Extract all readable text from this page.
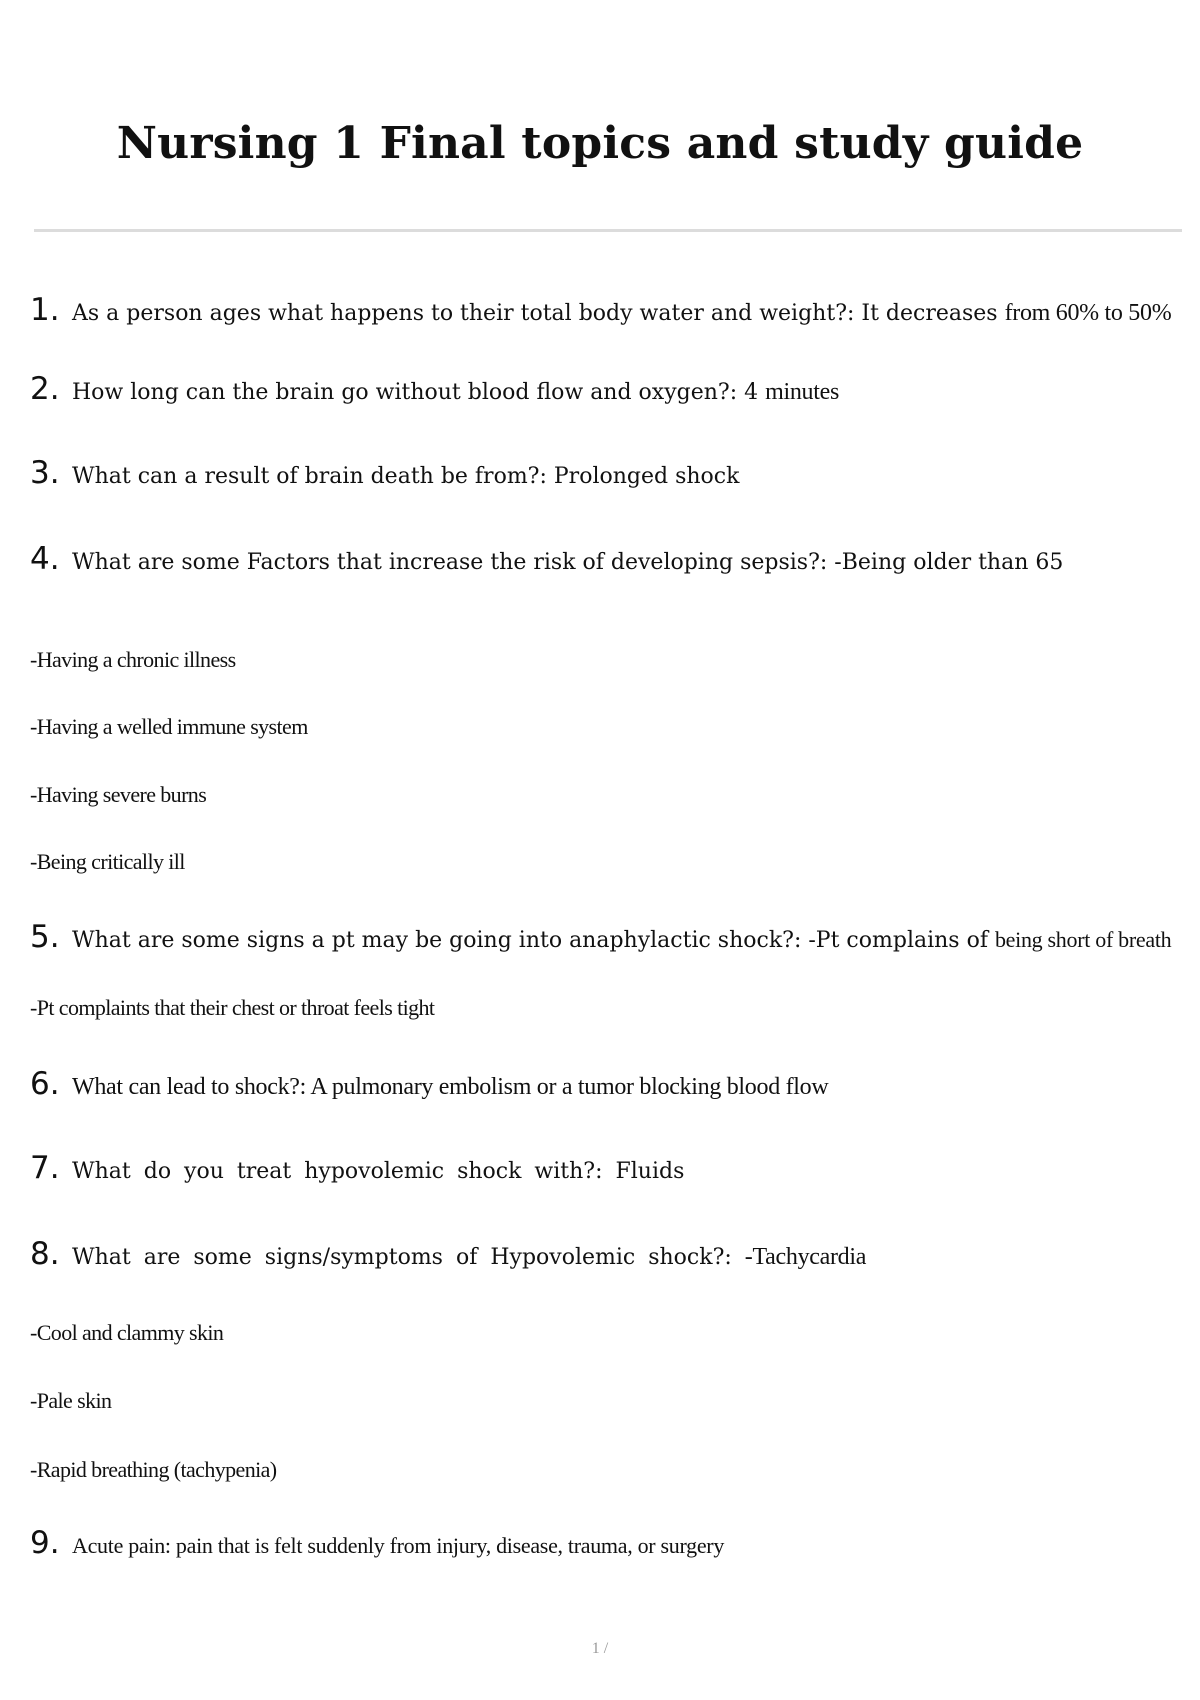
Nursing 1 Final topics and study guide
1. As a person ages what happens to their total body water and weight?: It decreases from 60% to 50%
2. How long can the brain go without blood flow and oxygen?: 4 minutes
3. What can a result of brain death be from?: Prolonged shock
4. What are some Factors that increase the risk of developing sepsis?: -Being older than 65
-Having a chronic illness
-Having a welled immune system
-Having severe burns
-Being critically ill
5. What are some signs a pt may be going into anaphylactic shock?: -Pt complains of being short of breath
-Pt complaints that their chest or throat feels tight
6. What can lead to shock?: A pulmonary embolism or a tumor blocking blood flow
7. What do you treat hypovolemic shock with?: Fluids
8. What are some signs/symptoms of Hypovolemic shock?: -Tachycardia
-Cool and clammy skin
-Pale skin
-Rapid breathing (tachypenia)
9. Acute pain: pain that is felt suddenly from injury, disease, trauma, or surgery
1 /
